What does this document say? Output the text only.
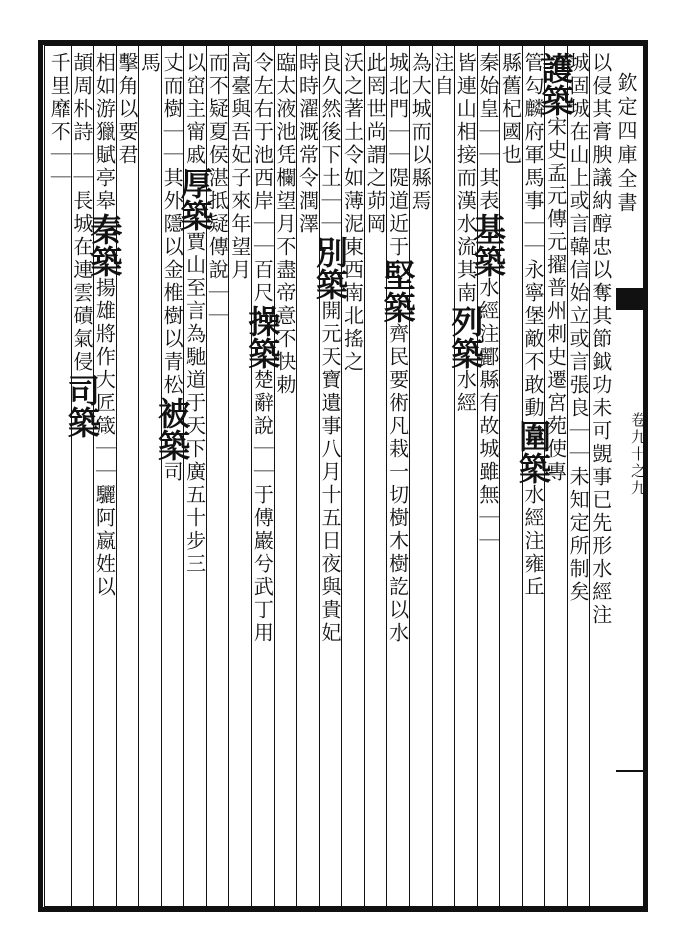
欽定四庫全書
卷九十之九
以侵其膏腴議納醇忠以奪其節鉞功未可覬事已先形水經注
城固城在山上或言韓信始立或言張良｜｜未知定所制矣
護築宋史孟元傳元擢普州刺史遷宮苑使專
管勾麟府軍馬事｜｜永寧堡敵不敢動圍築水經注雍丘
縣舊杞國也
秦始皇｜｜其表基築水經注酈縣有故城雖無｜｜
皆連山相接而漢水流其南列築水經
注自
為大城而以縣焉
城北門｜｜隄道近于堅築齊民要術凡栽一切樹木樹訖以水
此罔世尚謂之茆岡
沃之著土令如薄泥東西南北搖之
良久然後下土｜｜別築開元天寶遺事八月十五日夜與貴妃
時時濯溉常令潤澤
臨太液池凭欄望月不盡帝意不快勅
令左右于池西岸｜｜百尺操築楚辭說｜｜于傅巖兮武丁用
高臺與吾妃子來年望月
而不疑夏侯湛抵疑傳說｜｜
以窋主甯戚厚築賈山至言為馳道于天下廣五十步三
丈而樹｜｜其外隱以金椎樹以青松被築司
馬
擊角以要君
相如游獵賦亭皋秦築揚雄將作大匠箴｜｜驪阿嬴姓以
頡周朴詩｜｜長城在連雲磧氣侵司築
千里靡不｜｜
